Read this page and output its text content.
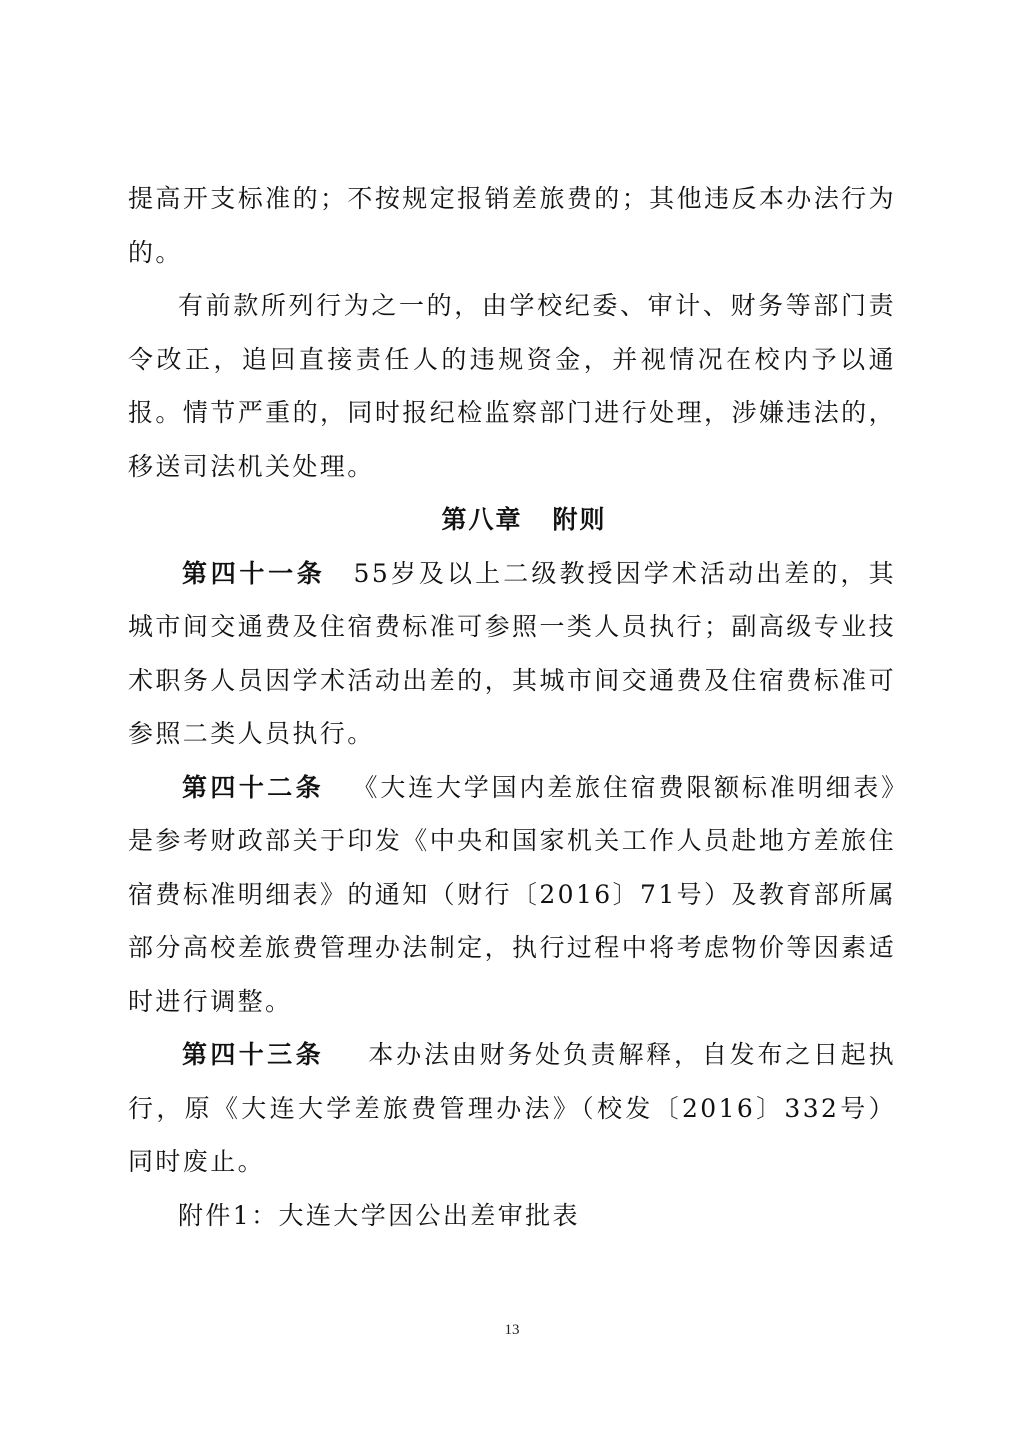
提高开支标准的；不按规定报销差旅费的；其他违反本办法行为的。

有前款所列行为之一的，由学校纪委、审计、财务等部门责令改正，追回直接责任人的违规资金，并视情况在校内予以通报。情节严重的，同时报纪检监察部门进行处理，涉嫌违法的，移送司法机关处理。

第八章 附则

第四十一条 55岁及以上二级教授因学术活动出差的，其城市间交通费及住宿费标准可参照一类人员执行；副高级专业技术职务人员因学术活动出差的，其城市间交通费及住宿费标准可参照二类人员执行。

第四十二条 《大连大学国内差旅住宿费限额标准明细表》是参考财政部关于印发《中央和国家机关工作人员赴地方差旅住宿费标准明细表》的通知（财行〔2016〕71号）及教育部所属部分高校差旅费管理办法制定，执行过程中将考虑物价等因素适时进行调整。

第四十三条 本办法由财务处负责解释，自发布之日起执行，原《大连大学差旅费管理办法》（校发〔2016〕332号）同时废止。

附件1：大连大学因公出差审批表

13
